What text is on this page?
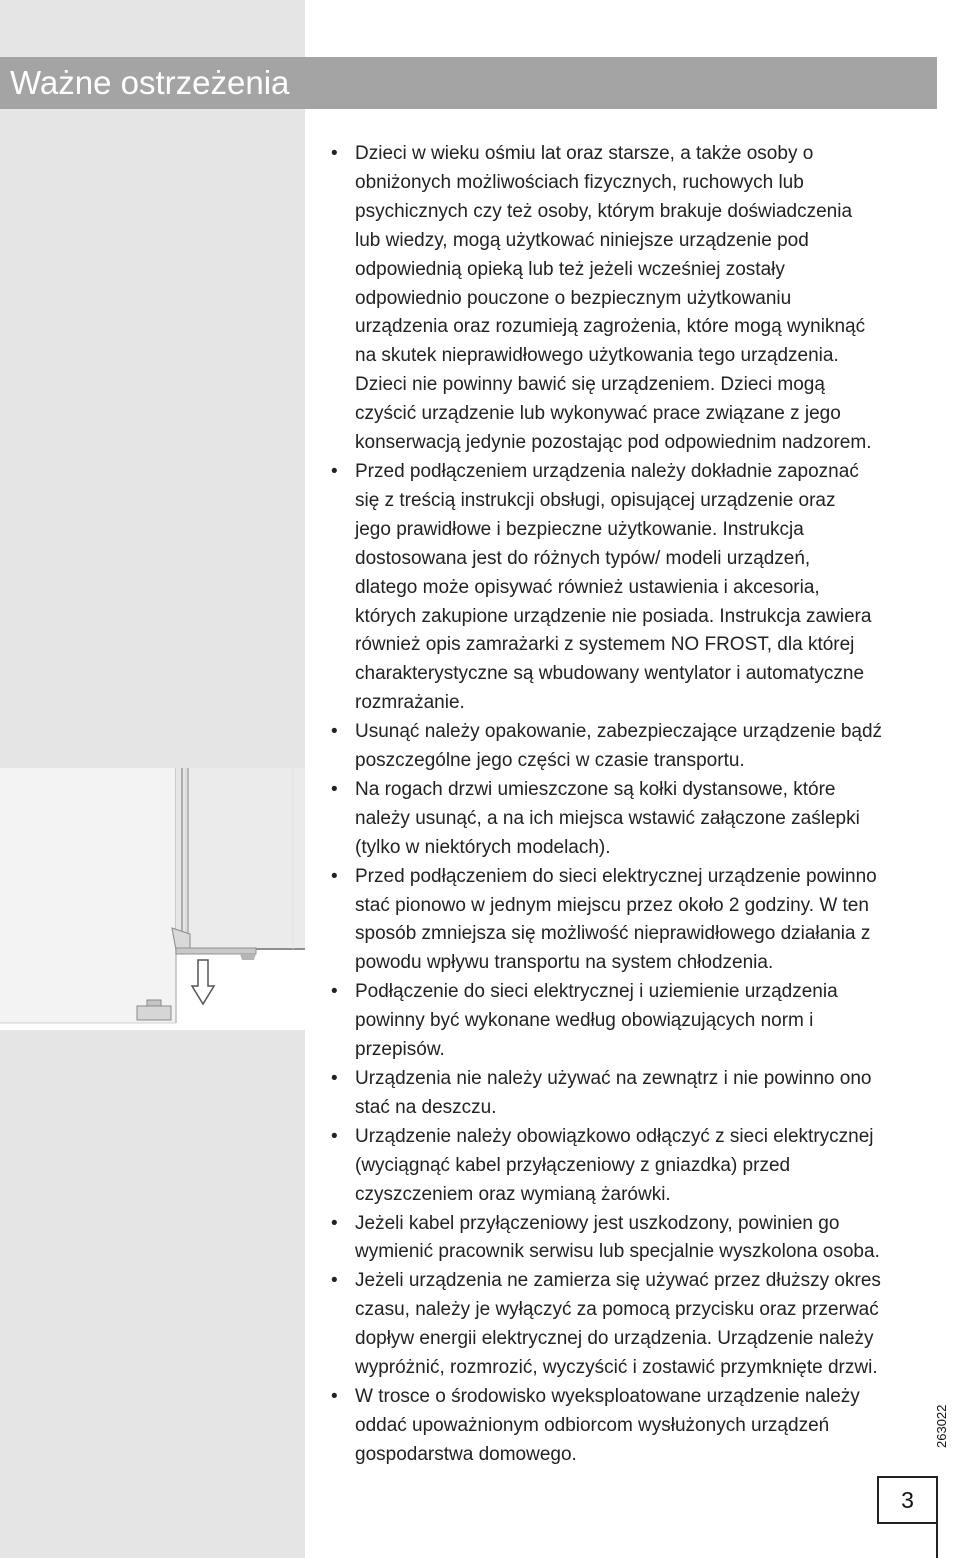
Ważne ostrzeżenia
• Dzieci w wieku ośmiu lat oraz starsze, a także osoby o
obniżonych możliwościach fizycznych, ruchowych lub
psychicznych czy też osoby, którym brakuje doświadczenia
lub wiedzy, mogą użytkować niniejsze urządzenie pod
odpowiednią opieką lub też jeżeli wcześniej zostały
odpowiednio pouczone o bezpiecznym użytkowaniu
urządzenia oraz rozumieją zagrożenia, które mogą wyniknąć
na skutek nieprawidłowego użytkowania tego urządzenia.
Dzieci nie powinny bawić się urządzeniem. Dzieci mogą
czyścić urządzenie lub wykonywać prace związane z jego
konserwacją jedynie pozostając pod odpowiednim nadzorem.
• Przed podłączeniem urządzenia należy dokładnie zapoznać
się z treścią instrukcji obsługi, opisującej urządzenie oraz
jego prawidłowe i bezpieczne użytkowanie. Instrukcja
dostosowana jest do różnych typów/ modeli urządzeń,
dlatego może opisywać również ustawienia i akcesoria,
których zakupione urządzenie nie posiada. Instrukcja zawiera
również opis zamrażarki z systemem NO FROST, dla której
charakterystyczne są wbudowany wentylator i automatyczne
rozmrażanie.
• Usunąć należy opakowanie, zabezpieczające urządzenie bądź
poszczególne jego części w czasie transportu.
• Na rogach drzwi umieszczone są kołki dystansowe, które
należy usunąć, a na ich miejsca wstawić załączone zaślepki
(tylko w niektórych modelach).
• Przed podłączeniem do sieci elektrycznej urządzenie powinno
stać pionowo w jednym miejscu przez około 2 godziny. W ten
sposób zmniejsza się możliwość nieprawidłowego działania z
powodu wpływu transportu na system chłodzenia.
• Podłączenie do sieci elektrycznej i uziemienie urządzenia
powinny być wykonane według obowiązujących norm i
przepisów.
• Urządzenia nie należy używać na zewnątrz i nie powinno ono
stać na deszczu.
• Urządzenie należy obowiązkowo odłączyć z sieci elektrycznej
(wyciągnąć kabel przyłączeniowy z gniazdka) przed
czyszczeniem oraz wymianą żarówki.
• Jeżeli kabel przyłączeniowy jest uszkodzony, powinien go
wymienić pracownik serwisu lub specjalnie wyszkolona osoba.
• Jeżeli urządzenia ne zamierza się używać przez dłuższy okres
czasu, należy je wyłączyć za pomocą przycisku oraz przerwać
dopływ energii elektrycznej do urządzenia. Urządzenie należy
wypróżnić, rozmrozić, wyczyścić i zostawić przymknięte drzwi.
• W trosce o środowisko wyeksploatowane urządzenie należy
oddać upoważnionym odbiorcom wysłużonych urządzeń
gospodarstwa domowego.
263022
3
